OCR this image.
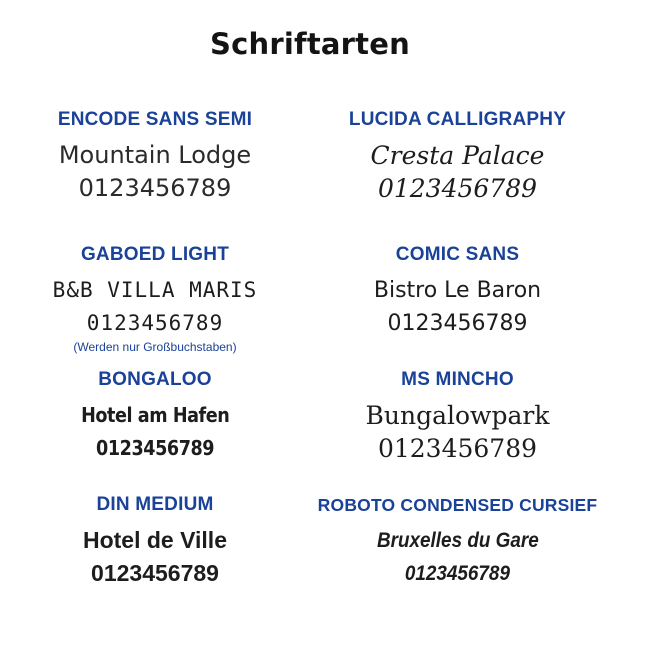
Schriftarten
ENCODE SANS SEMI
Mountain Lodge
0123456789
LUCIDA CALLIGRAPHY
Cresta Palace
0123456789
GABOED LIGHT
B&B VILLA MARIS
0123456789
(Werden nur Großbuchstaben)
COMIC SANS
Bistro Le Baron
0123456789
BONGALOO
Hotel am Hafen
0123456789
MS MINCHO
Bungalowpark
0123456789
DIN MEDIUM
Hotel de Ville
0123456789
ROBOTO CONDENSED CURSIEF
Bruxelles du Gare
0123456789
